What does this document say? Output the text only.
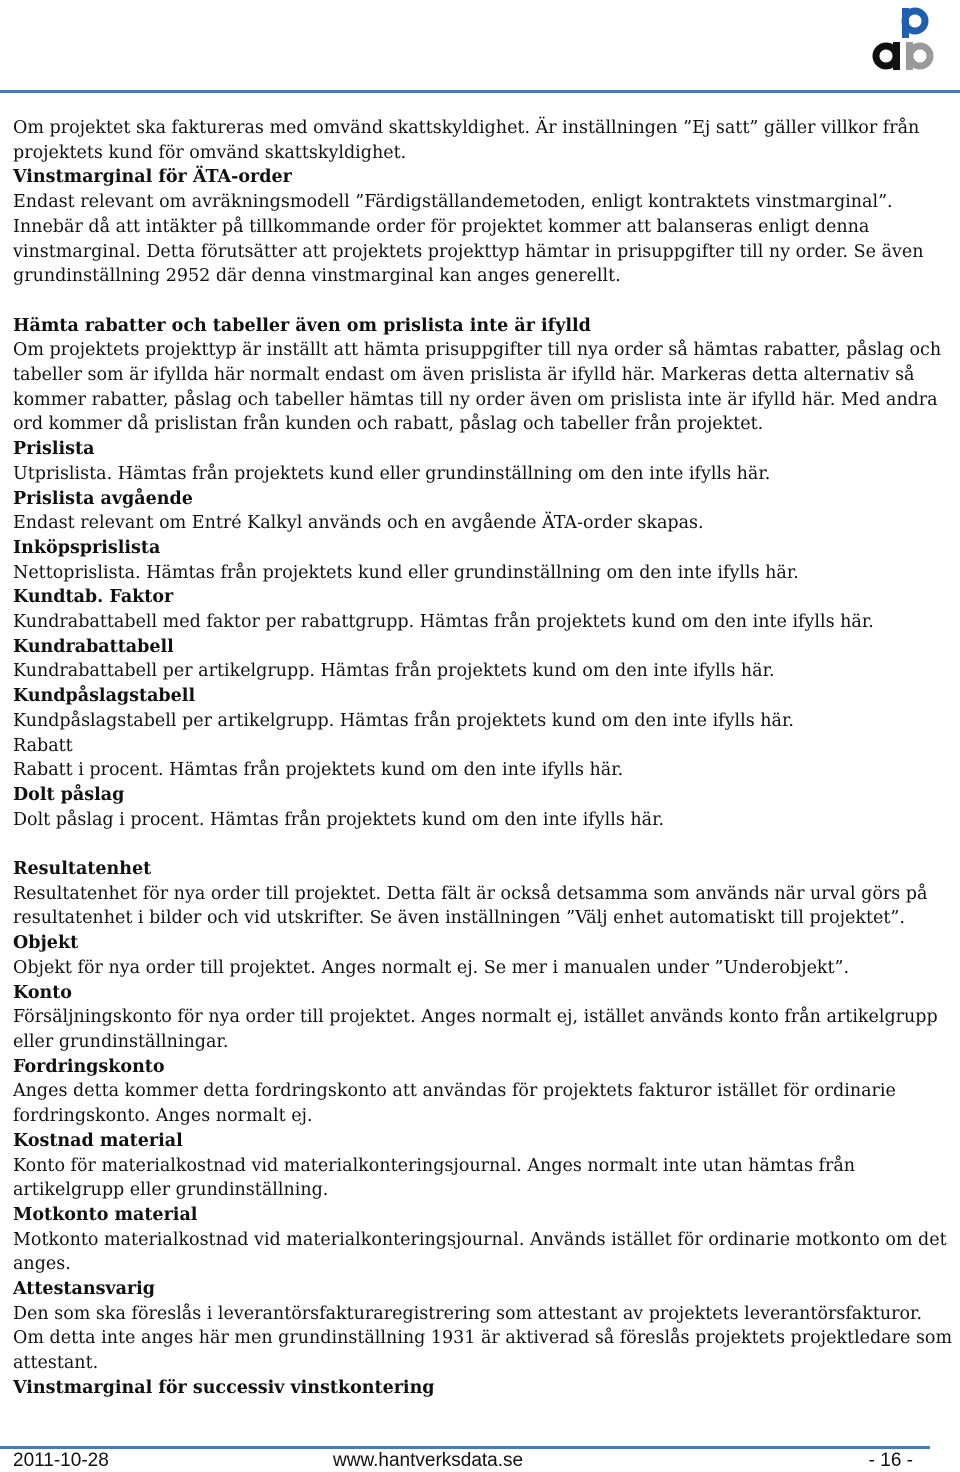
Om projektet ska faktureras med omvänd skattskyldighet. Är inställningen ”Ej satt” gäller villkor från projektets kund för omvänd skattskyldighet.

Vinstmarginal för ÄTA-order

Endast relevant om avräkningsmodell ”Färdigställandemetoden, enligt kontraktets vinstmarginal”. Innebär då att intäkter på tillkommande order för projektet kommer att balanseras enligt denna vinstmarginal. Detta förutsätter att projektets projekttyp hämtar in prisuppgifter till ny order. Se även grundinställning 2952 där denna vinstmarginal kan anges generellt.

Hämta rabatter och tabeller även om prislista inte är ifylld

Om projektets projekttyp är inställt att hämta prisuppgifter till nya order så hämtas rabatter, påslag och tabeller som är ifyllda här normalt endast om även prislista är ifylld här. Markeras detta alternativ så kommer rabatter, påslag och tabeller hämtas till ny order även om prislista inte är ifylld här. Med andra ord kommer då prislistan från kunden och rabatt, påslag och tabeller från projektet.

Prislista

Utprislista. Hämtas från projektets kund eller grundinställning om den inte ifylls här.

Prislista avgående

Endast relevant om Entré Kalkyl används och en avgående ÄTA-order skapas.

Inköpsprislista

Nettoprislista. Hämtas från projektets kund eller grundinställning om den inte ifylls här.

Kundtab. Faktor

Kundrabattabell med faktor per rabattgrupp. Hämtas från projektets kund om den inte ifylls här.

Kundrabattabell

Kundrabattabell per artikelgrupp. Hämtas från projektets kund om den inte ifylls här.

Kundpåslagstabell

Kundpåslagstabell per artikelgrupp. Hämtas från projektets kund om den inte ifylls här.

Rabatt

Rabatt i procent. Hämtas från projektets kund om den inte ifylls här.

Dolt påslag

Dolt påslag i procent. Hämtas från projektets kund om den inte ifylls här.

Resultatenhet

Resultatenhet för nya order till projektet. Detta fält är också detsamma som används när urval görs på resultatenhet i bilder och vid utskrifter. Se även inställningen ”Välj enhet automatiskt till projektet”.

Objekt

Objekt för nya order till projektet. Anges normalt ej. Se mer i manualen under ”Underobjekt”.

Konto

Försäljningskonto för nya order till projektet. Anges normalt ej, istället används konto från artikelgrupp eller grundinställningar.

Fordringskonto

Anges detta kommer detta fordringskonto att användas för projektets fakturor istället för ordinarie fordringskonto. Anges normalt ej.

Kostnad material

Konto för materialkostnad vid materialkonteringsjournal. Anges normalt inte utan hämtas från artikelgrupp eller grundinställning.

Motkonto material

Motkonto materialkostnad vid materialkonteringsjournal. Används istället för ordinarie motkonto om det anges.

Attestansvarig

Den som ska föreslås i leverantörsfakturaregistrering som attestant av projektets leverantörsfakturor. Om detta inte anges här men grundinställning 1931 är aktiverad så föreslås projektets projektledare som attestant.

Vinstmarginal för successiv vinstkontering
2011-10-28	www.hantverksdata.se	- 16 -
